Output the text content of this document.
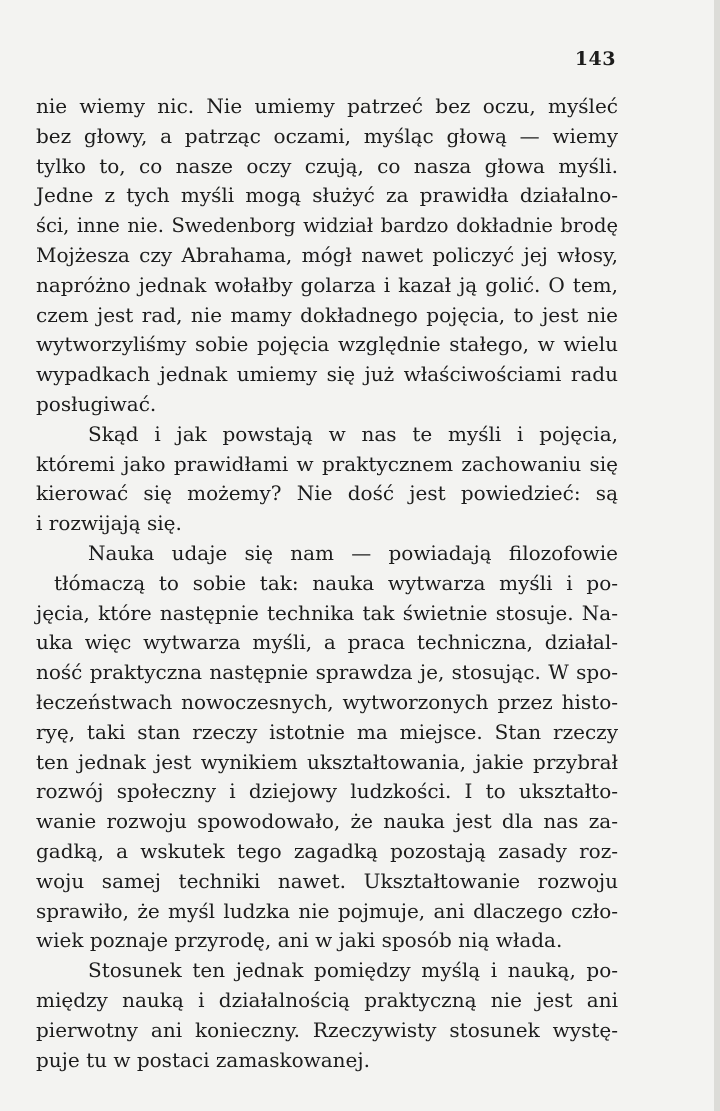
143
nie wiemy nic. Nie umiemy patrzeć bez oczu, myśleć
bez głowy, a patrząc oczami, myśląc głową — wiemy
tylko to, co nasze oczy czują, co nasza głowa myśli.
Jedne z tych myśli mogą służyć za prawidła działalno-
ści, inne nie. Swedenborg widział bardzo dokładnie brodę
Mojżesza czy Abrahama, mógł nawet policzyć jej włosy,
napróżno jednak wołałby golarza i kazał ją golić. O tem,
czem jest rad, nie mamy dokładnego pojęcia, to jest nie
wytworzyliśmy sobie pojęcia względnie stałego, w wielu
wypadkach jednak umiemy się już właściwościami radu
posługiwać.
Skąd i jak powstają w nas te myśli i pojęcia,
któremi jako prawidłami w praktycznem zachowaniu się
kierować się możemy? Nie dość jest powiedzieć: są
i rozwijają się.
Nauka udaje się nam — powiadają filozofowie
tłómaczą to sobie tak: nauka wytwarza myśli i po-
jęcia, które następnie technika tak świetnie stosuje. Na-
uka więc wytwarza myśli, a praca techniczna, działal-
ność praktyczna następnie sprawdza je, stosując. W spo-
łeczeństwach nowoczesnych, wytworzonych przez histo-
ryę, taki stan rzeczy istotnie ma miejsce. Stan rzeczy
ten jednak jest wynikiem ukształtowania, jakie przybrał
rozwój społeczny i dziejowy ludzkości. I to ukształto-
wanie rozwoju spowodowało, że nauka jest dla nas za-
gadką, a wskutek tego zagadką pozostają zasady roz-
woju samej techniki nawet. Ukształtowanie rozwoju
sprawiło, że myśl ludzka nie pojmuje, ani dlaczego czło-
wiek poznaje przyrodę, ani w jaki sposób nią włada.
Stosunek ten jednak pomiędzy myślą i nauką, po-
między nauką i działalnością praktyczną nie jest ani
pierwotny ani konieczny. Rzeczywisty stosunek wystę-
puje tu w postaci zamaskowanej.
